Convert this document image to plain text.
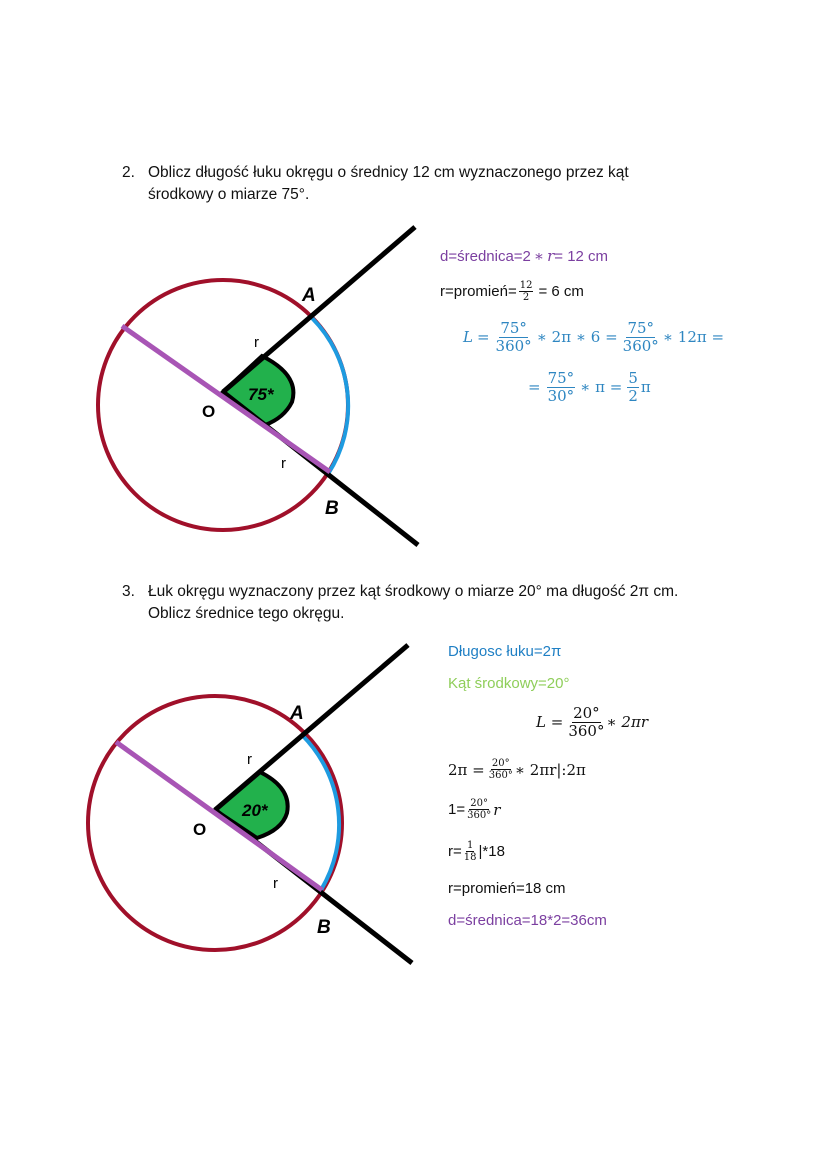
2. Oblicz długość łuku okręgu o średnicy 12 cm wyznaczonego przez kąt
środkowy o miarze 75°.
A
B
O
r
r
75*
A
B
O
r
r
20*
d=średnica=2 ∗ r = 12 cm
r=promień= $\frac{12}{2} = 6$ cm
$L = \frac{75^\circ}{360^\circ}$ ∗ 2π ∗ $6 = \frac{75^\circ}{360^\circ}$ ∗ 12π =
= $\frac{75^\circ}{30^\circ}$ ∗ $\pi = \frac{5}{2}$ π
3. Łuk okręgu wyznaczony przez kąt środkowy o miarze 20° ma długość 2π cm.
Oblicz średnice tego okręgu.
Długosc łuku=2π
Kąt środkowy=20°
$L = \frac{20^\circ}{360^\circ}$ ∗ 2πr
$2\pi = \frac{20^\circ}{360^\circ}$ ∗ 2πr|:2π
$1= \frac{20^\circ}{360^\circ}$ r
$r= \frac{1}{18} |*18$
r=promień=18 cm
d=średnica=18*2=36cm
